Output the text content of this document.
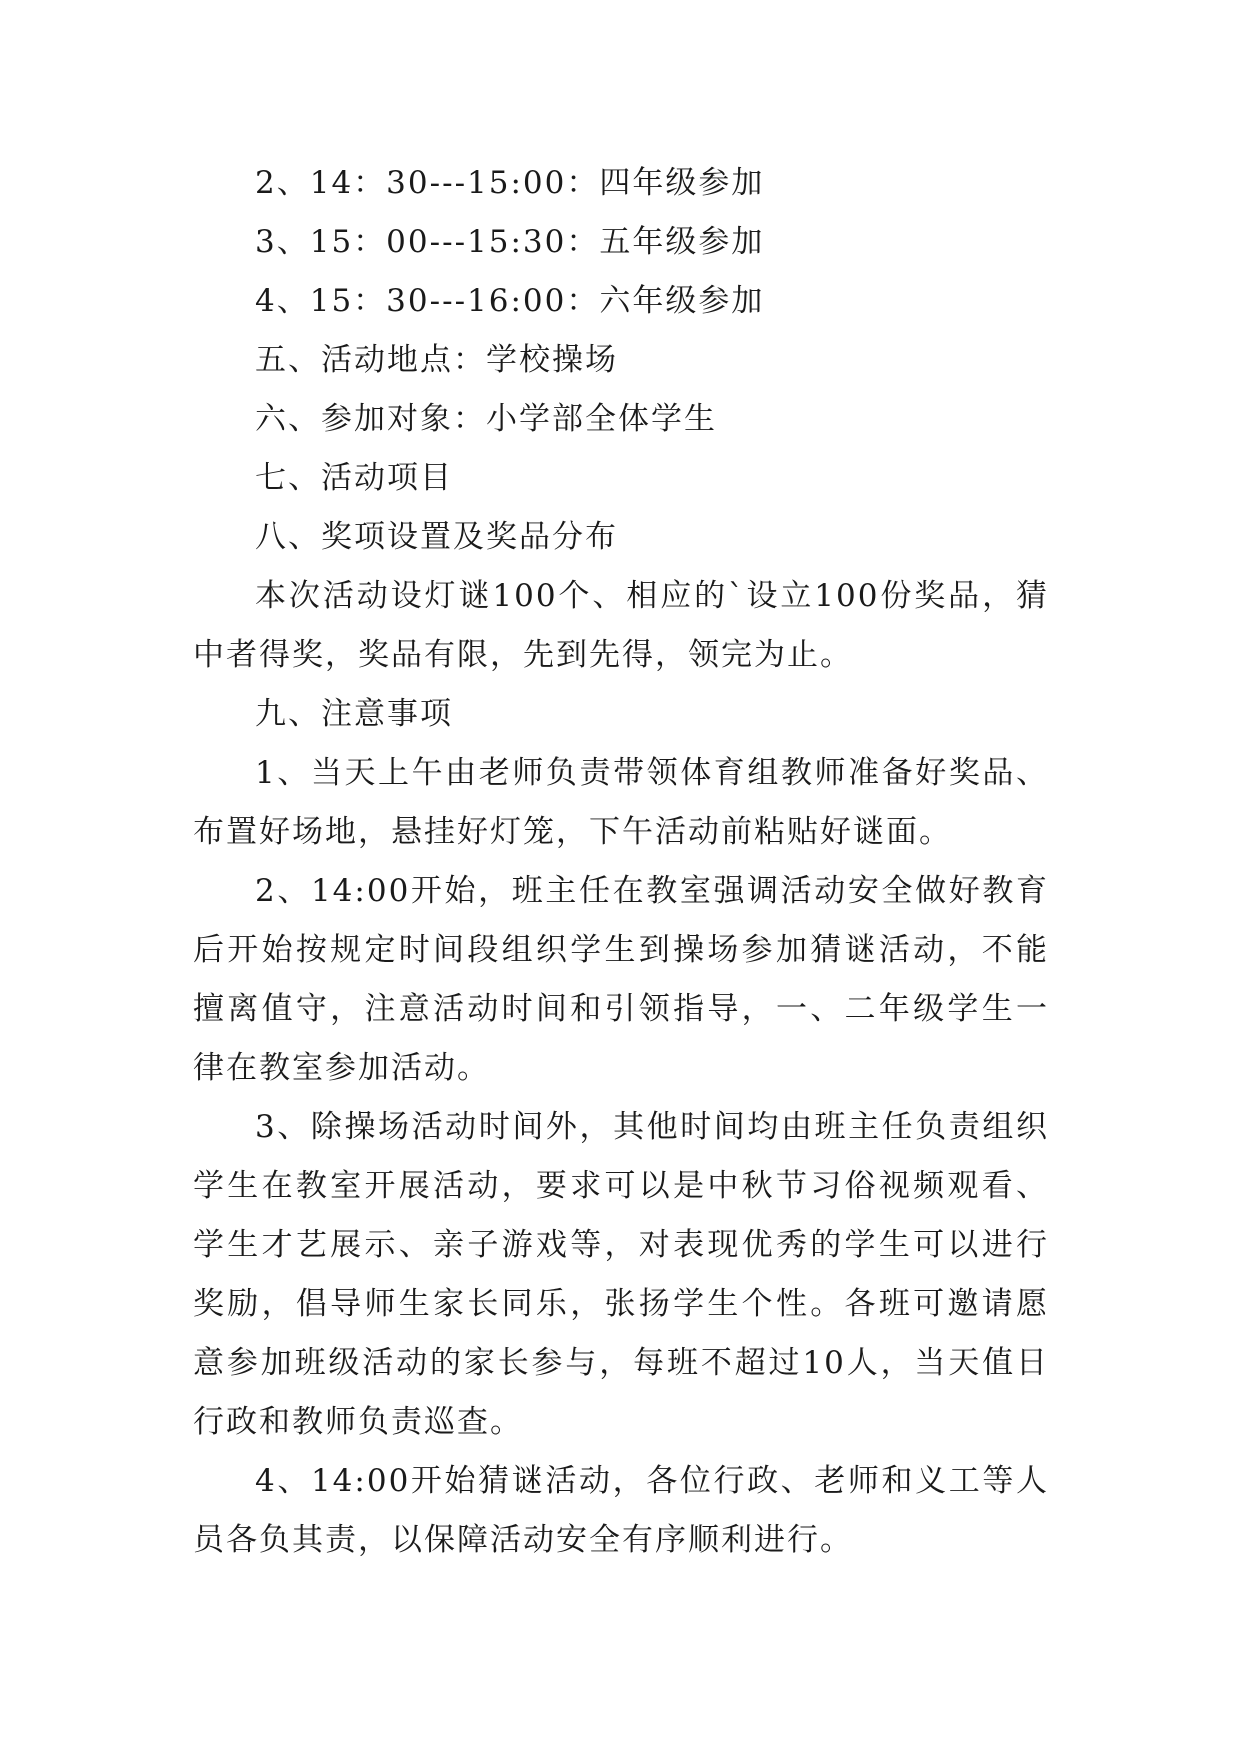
2、14：30---15:00：四年级参加

3、15：00---15:30：五年级参加

4、15：30---16:00：六年级参加

五、活动地点：学校操场

六、参加对象：小学部全体学生

七、活动项目

八、奖项设置及奖品分布

本次活动设灯谜100个、相应的`设立100份奖品，猜中者得奖，奖品有限，先到先得，领完为止。

九、注意事项

1、当天上午由老师负责带领体育组教师准备好奖品、布置好场地，悬挂好灯笼，下午活动前粘贴好谜面。

2、14:00开始，班主任在教室强调活动安全做好教育后开始按规定时间段组织学生到操场参加猜谜活动，不能擅离值守，注意活动时间和引领指导，一、二年级学生一律在教室参加活动。

3、除操场活动时间外，其他时间均由班主任负责组织学生在教室开展活动，要求可以是中秋节习俗视频观看、学生才艺展示、亲子游戏等，对表现优秀的学生可以进行奖励，倡导师生家长同乐，张扬学生个性。各班可邀请愿意参加班级活动的家长参与，每班不超过10人，当天值日行政和教师负责巡查。

4、14:00开始猜谜活动，各位行政、老师和义工等人员各负其责，以保障活动安全有序顺利进行。
